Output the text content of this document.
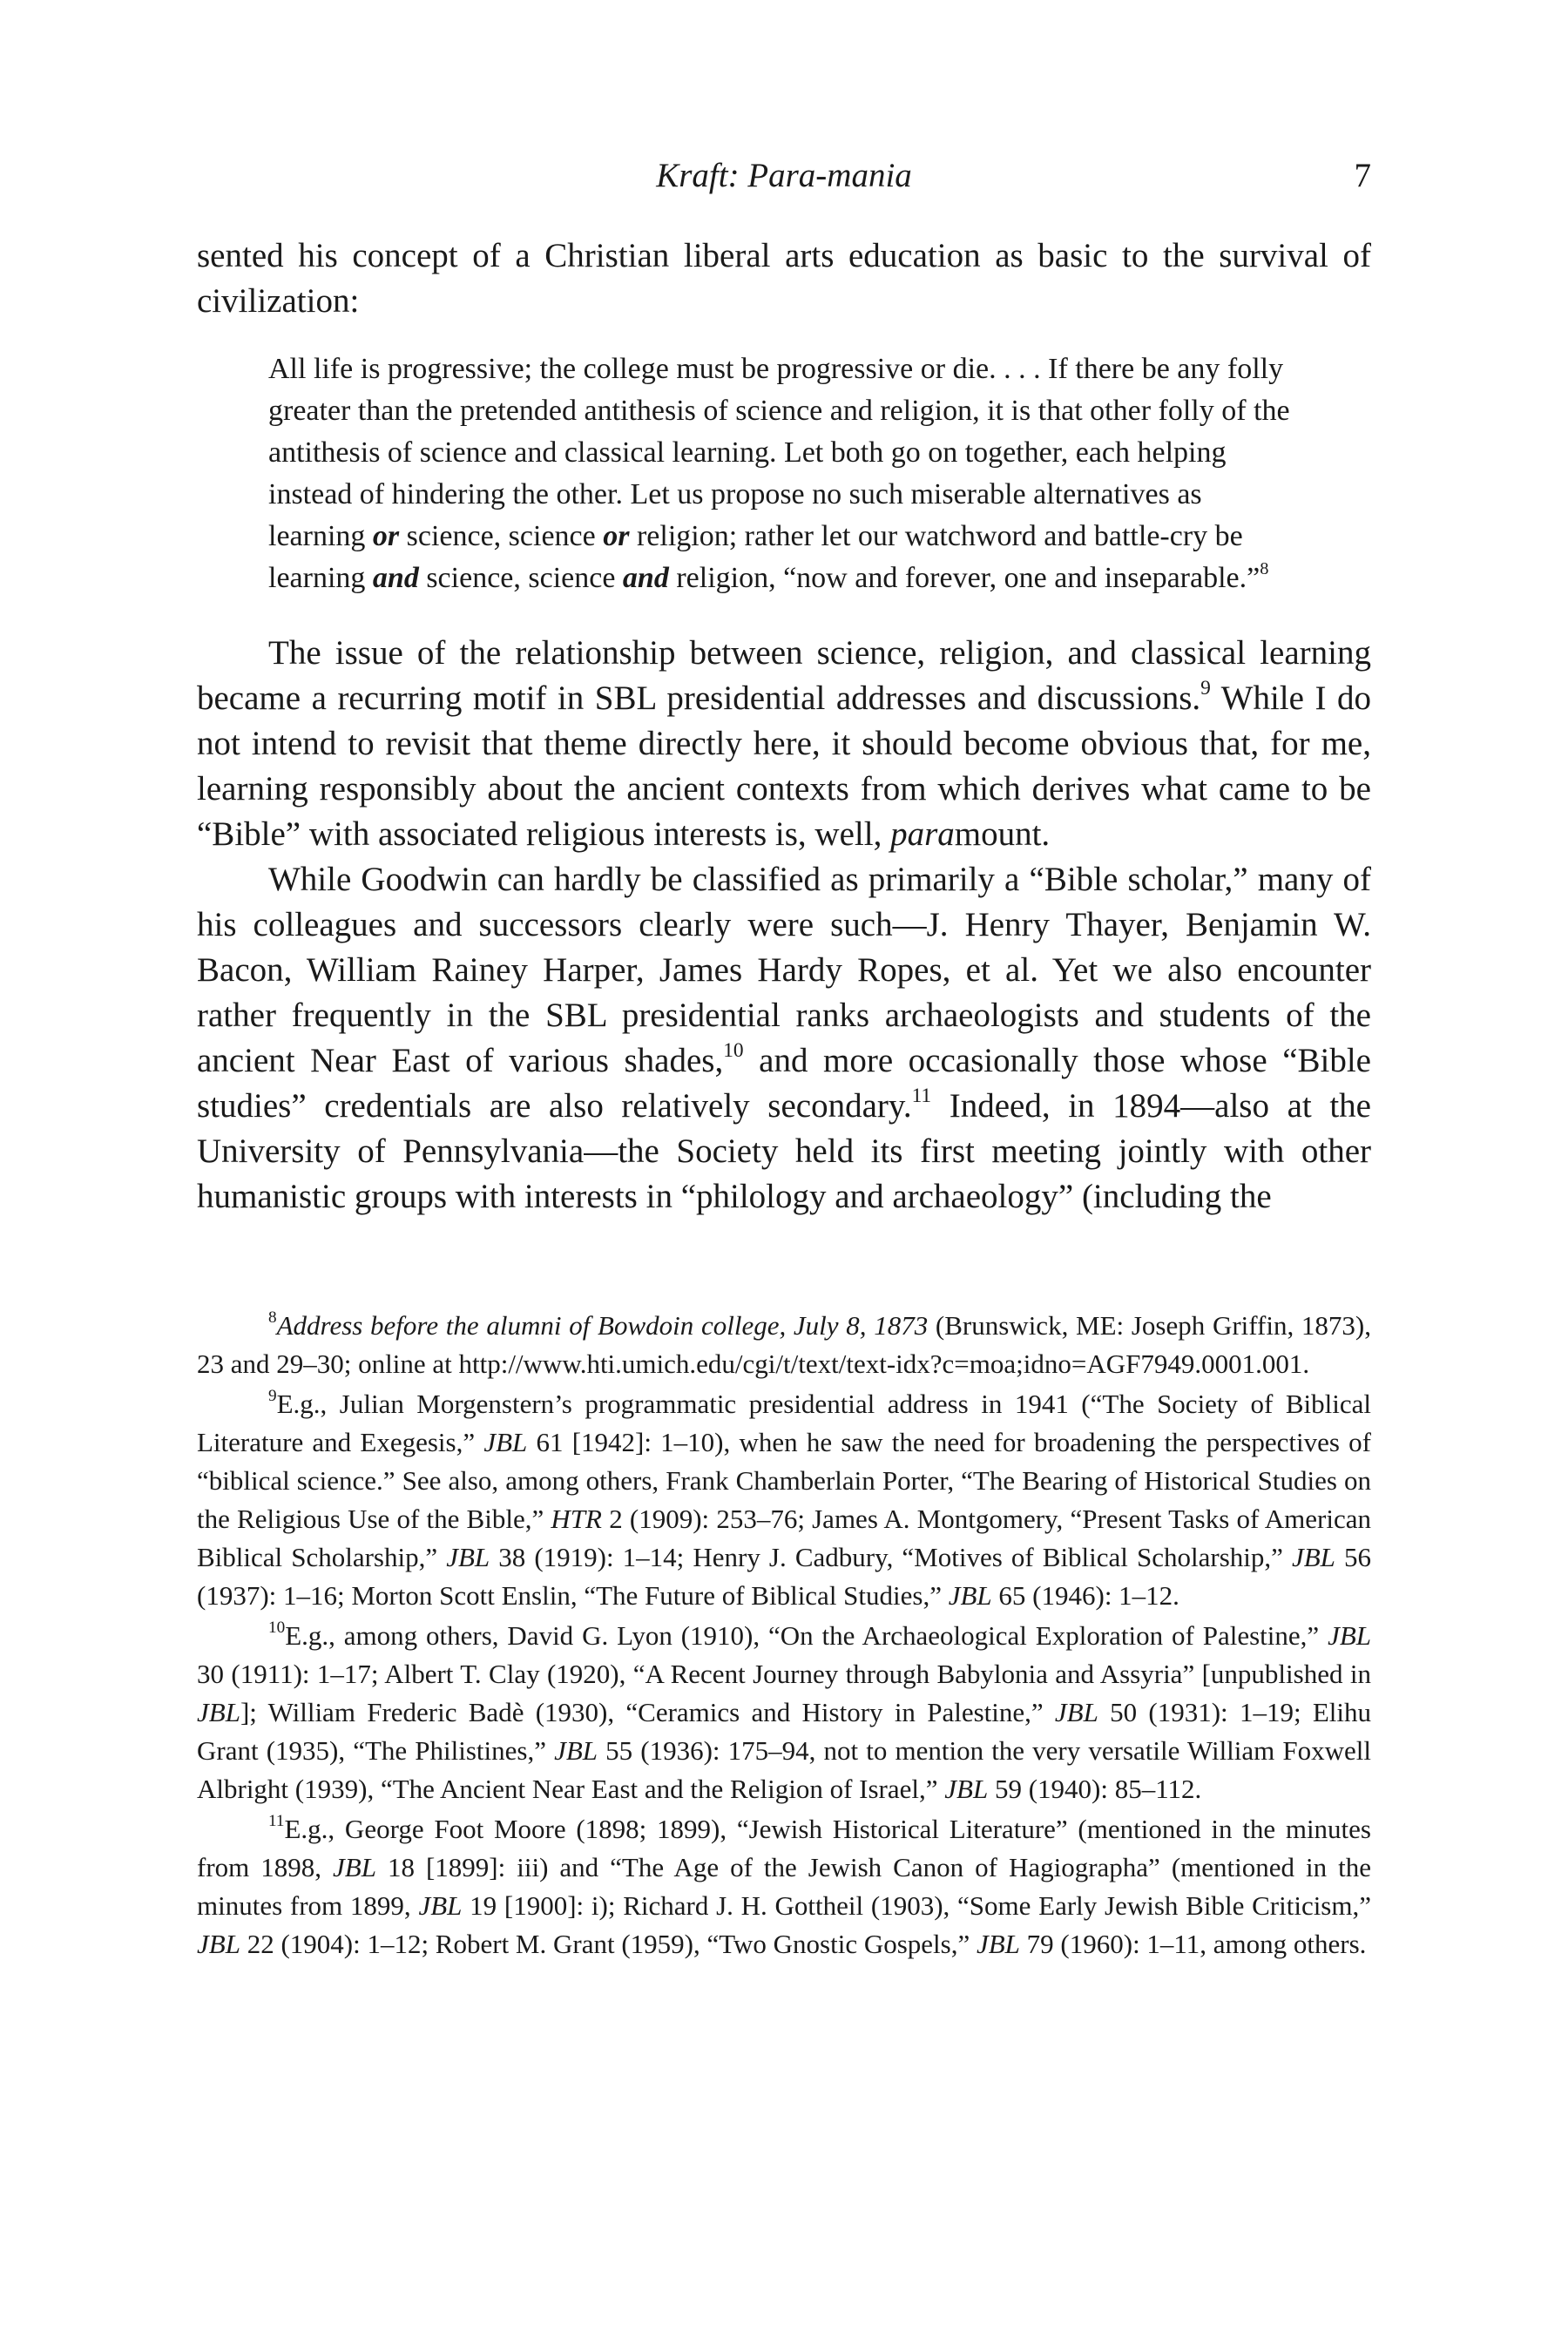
Kraft: Para-mania	7

sented his concept of a Christian liberal arts education as basic to the survival of civilization:

All life is progressive; the college must be progressive or die. . . . If there be any folly greater than the pretended antithesis of science and religion, it is that other folly of the antithesis of science and classical learning. Let both go on together, each helping instead of hindering the other. Let us propose no such miserable alternatives as learning or science, science or religion; rather let our watchword and battle-cry be learning and science, science and religion, “now and forever, one and inseparable.”$^8$

The issue of the relationship between science, religion, and classical learning became a recurring motif in SBL presidential addresses and discussions.$^9$ While I do not intend to revisit that theme directly here, it should become obvious that, for me, learning responsibly about the ancient contexts from which derives what came to be “Bible” with associated religious interests is, well, paramount.

While Goodwin can hardly be classified as primarily a “Bible scholar,” many of his colleagues and successors clearly were such—J. Henry Thayer, Benjamin W. Bacon, William Rainey Harper, James Hardy Ropes, et al. Yet we also encounter rather frequently in the SBL presidential ranks archaeologists and students of the ancient Near East of various shades,$^{10}$ and more occasionally those whose “Bible studies” credentials are also relatively secondary.$^{11}$ Indeed, in 1894—also at the University of Pennsylvania—the Society held its first meeting jointly with other humanistic groups with interests in “philology and archaeology” (including the

$^8$Address before the alumni of Bowdoin college, July 8, 1873 (Brunswick, ME: Joseph Griffin, 1873), 23 and 29–30; online at http://www.hti.umich.edu/cgi/t/text/text-idx?c=moa;idno=AGF7949.0001.001.

$^9$E.g., Julian Morgenstern’s programmatic presidential address in 1941 (“The Society of Biblical Literature and Exegesis,” JBL 61 [1942]: 1–10), when he saw the need for broadening the perspectives of “biblical science.” See also, among others, Frank Chamberlain Porter, “The Bearing of Historical Studies on the Religious Use of the Bible,” HTR 2 (1909): 253–76; James A. Montgomery, “Present Tasks of American Biblical Scholarship,” JBL 38 (1919): 1–14; Henry J. Cadbury, “Motives of Biblical Scholarship,” JBL 56 (1937): 1–16; Morton Scott Enslin, “The Future of Biblical Studies,” JBL 65 (1946): 1–12.

$^{10}$E.g., among others, David G. Lyon (1910), “On the Archaeological Exploration of Palestine,” JBL 30 (1911): 1–17; Albert T. Clay (1920), “A Recent Journey through Babylonia and Assyria” [unpublished in JBL]; William Frederic Badè (1930), “Ceramics and History in Palestine,” JBL 50 (1931): 1–19; Elihu Grant (1935), “The Philistines,” JBL 55 (1936): 175–94, not to mention the very versatile William Foxwell Albright (1939), “The Ancient Near East and the Religion of Israel,” JBL 59 (1940): 85–112.

$^{11}$E.g., George Foot Moore (1898; 1899), “Jewish Historical Literature” (mentioned in the minutes from 1898, JBL 18 [1899]: iii) and “The Age of the Jewish Canon of Hagiographa” (mentioned in the minutes from 1899, JBL 19 [1900]: i); Richard J. H. Gottheil (1903), “Some Early Jewish Bible Criticism,” JBL 22 (1904): 1–12; Robert M. Grant (1959), “Two Gnostic Gospels,” JBL 79 (1960): 1–11, among others.
